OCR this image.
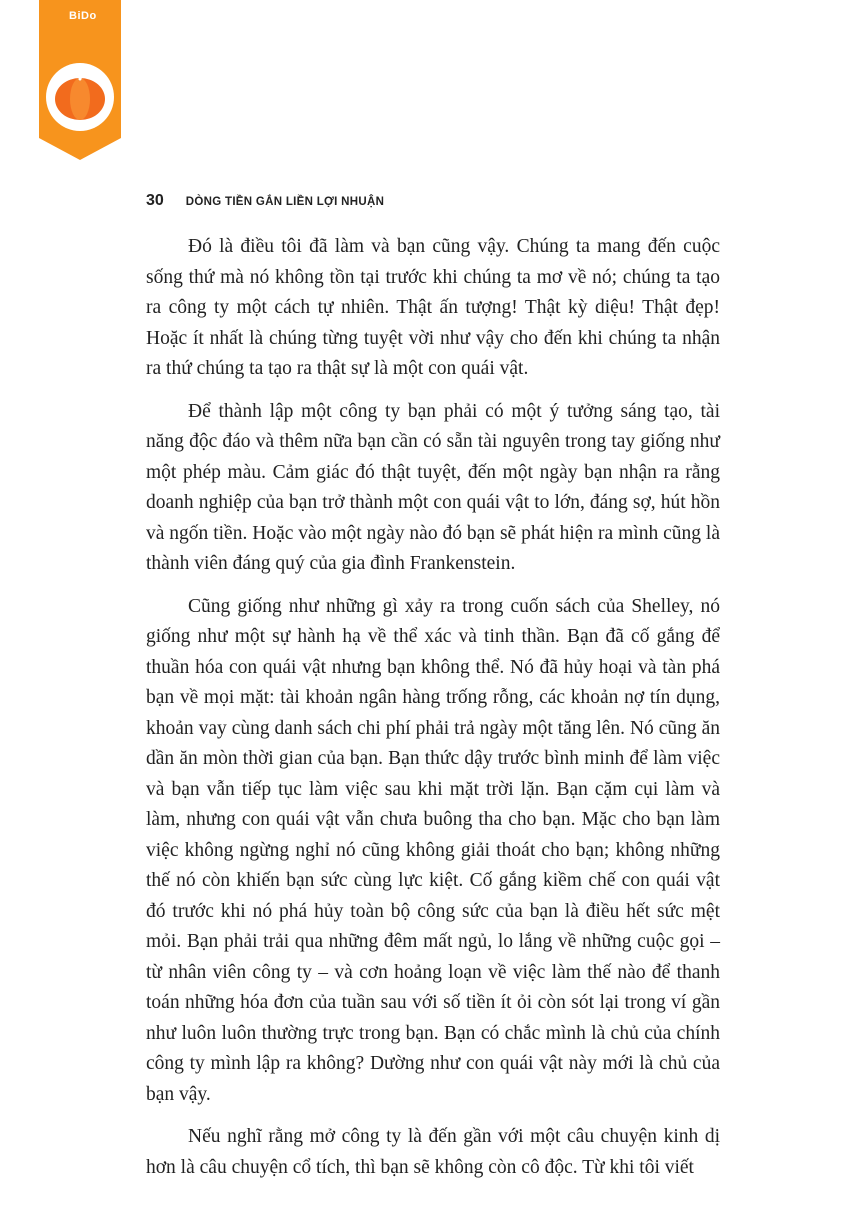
BiDo
30 DÒNG TIỀN GẮN LIỀN LỢI NHUẬN

Đó là điều tôi đã làm và bạn cũng vậy. Chúng ta mang đến cuộc sống thứ mà nó không tồn tại trước khi chúng ta mơ về nó; chúng ta tạo ra công ty một cách tự nhiên. Thật ấn tượng! Thật kỳ diệu! Thật đẹp! Hoặc ít nhất là chúng từng tuyệt vời như vậy cho đến khi chúng ta nhận ra thứ chúng ta tạo ra thật sự là một con quái vật.

Để thành lập một công ty bạn phải có một ý tưởng sáng tạo, tài năng độc đáo và thêm nữa bạn cần có sẵn tài nguyên trong tay giống như một phép màu. Cảm giác đó thật tuyệt, đến một ngày bạn nhận ra rằng doanh nghiệp của bạn trở thành một con quái vật to lớn, đáng sợ, hút hồn và ngốn tiền. Hoặc vào một ngày nào đó bạn sẽ phát hiện ra mình cũng là thành viên đáng quý của gia đình Frankenstein.

Cũng giống như những gì xảy ra trong cuốn sách của Shelley, nó giống như một sự hành hạ về thể xác và tinh thần. Bạn đã cố gắng để thuần hóa con quái vật nhưng bạn không thể. Nó đã hủy hoại và tàn phá bạn về mọi mặt: tài khoản ngân hàng trống rỗng, các khoản nợ tín dụng, khoản vay cùng danh sách chi phí phải trả ngày một tăng lên. Nó cũng ăn dần ăn mòn thời gian của bạn. Bạn thức dậy trước bình minh để làm việc và bạn vẫn tiếp tục làm việc sau khi mặt trời lặn. Bạn cặm cụi làm và làm, nhưng con quái vật vẫn chưa buông tha cho bạn. Mặc cho bạn làm việc không ngừng nghỉ nó cũng không giải thoát cho bạn; không những thế nó còn khiến bạn sức cùng lực kiệt. Cố gắng kiềm chế con quái vật đó trước khi nó phá hủy toàn bộ công sức của bạn là điều hết sức mệt mỏi. Bạn phải trải qua những đêm mất ngủ, lo lắng về những cuộc gọi – từ nhân viên công ty – và cơn hoảng loạn về việc làm thế nào để thanh toán những hóa đơn của tuần sau với số tiền ít ỏi còn sót lại trong ví gần như luôn luôn thường trực trong bạn. Bạn có chắc mình là chủ của chính công ty mình lập ra không? Dường như con quái vật này mới là chủ của bạn vậy.

Nếu nghĩ rằng mở công ty là đến gần với một câu chuyện kinh dị hơn là câu chuyện cổ tích, thì bạn sẽ không còn cô độc. Từ khi tôi viết
